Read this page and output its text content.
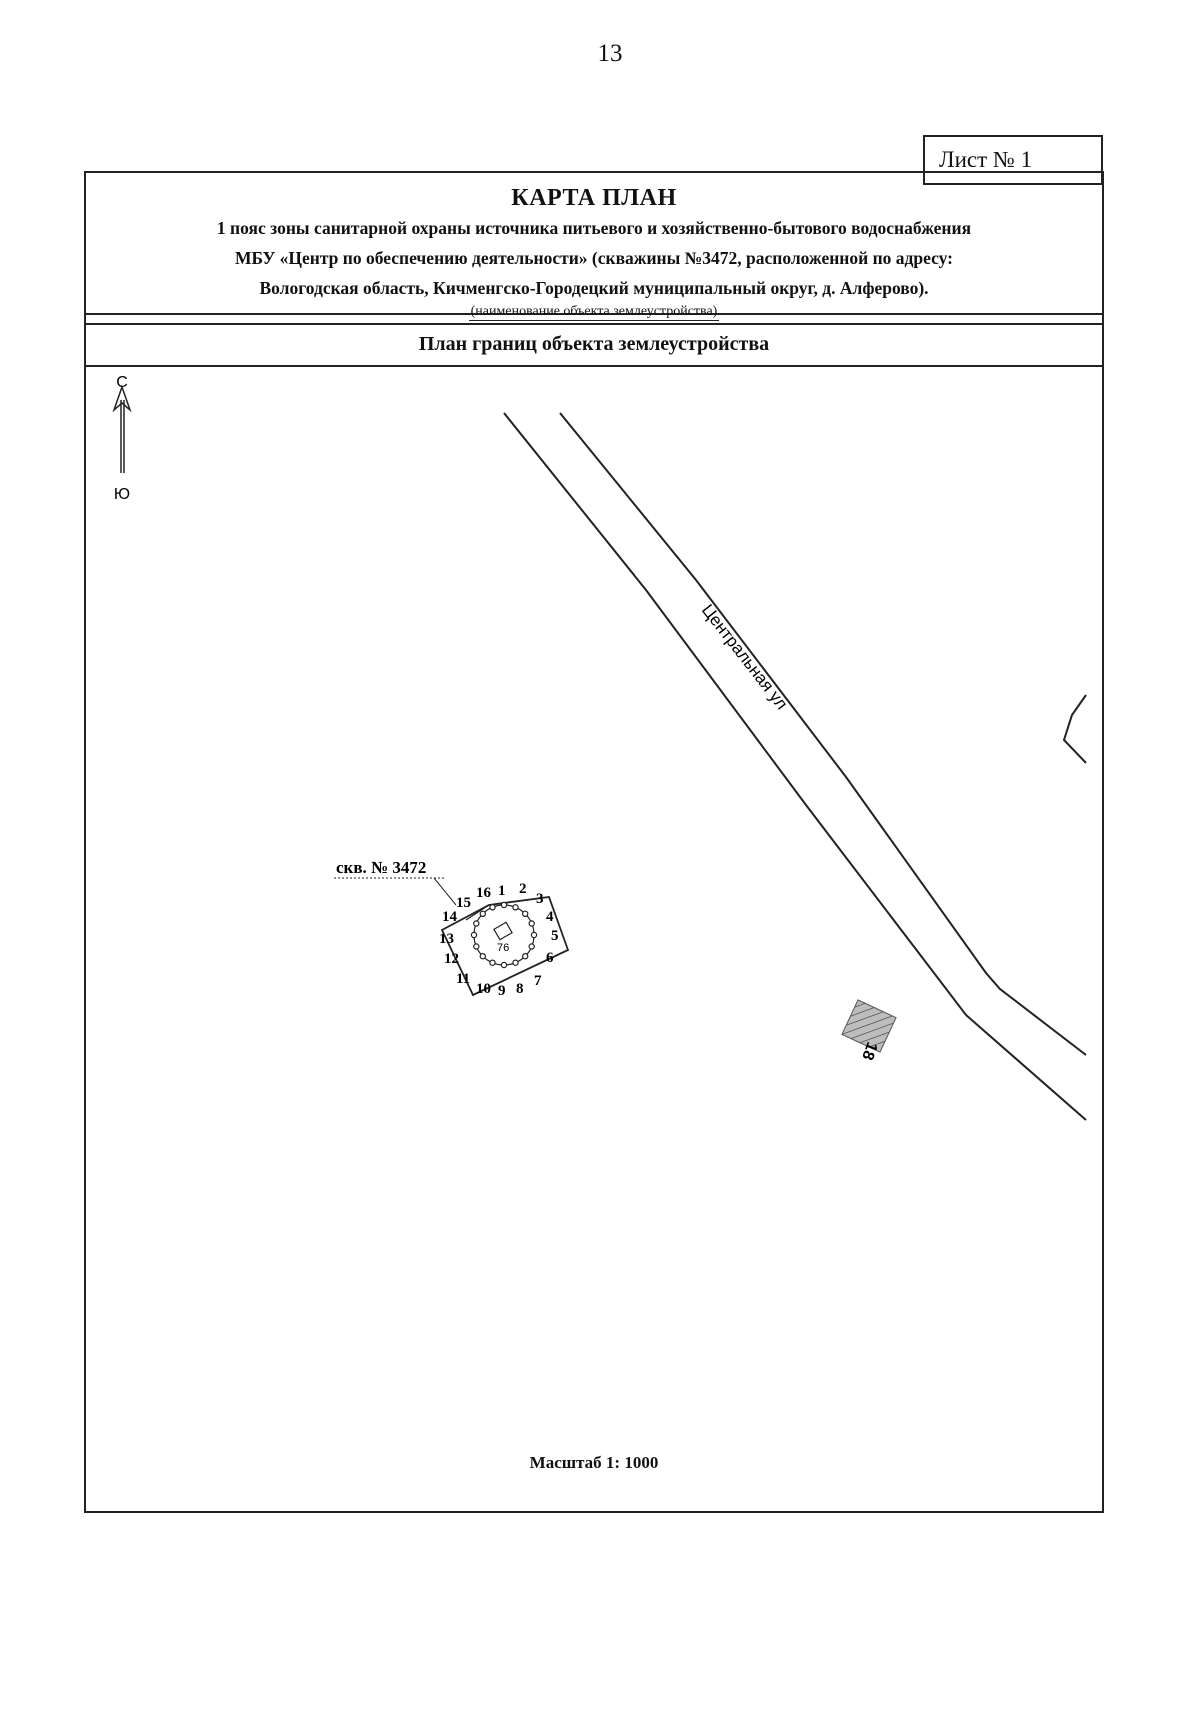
13
Лист № 1
КАРТА ПЛАН
1 пояс зоны санитарной охраны источника питьевого и хозяйственно-бытового водоснабжения
МБУ «Центр по обеспечению деятельности» (скважины №3472, расположенной по адресу:
Вологодская область, Кичменгско-Городецкий муниципальный округ, д. Алферово).
(наименование объекта землеустройства)
План границ объекта землеустройства
С
Ю
Центральная ул
18
скв. № 3472
76
1 2
3
4
5
6
7
8
9
10
11
12
13
14
15
16
Масштаб 1: 1000
